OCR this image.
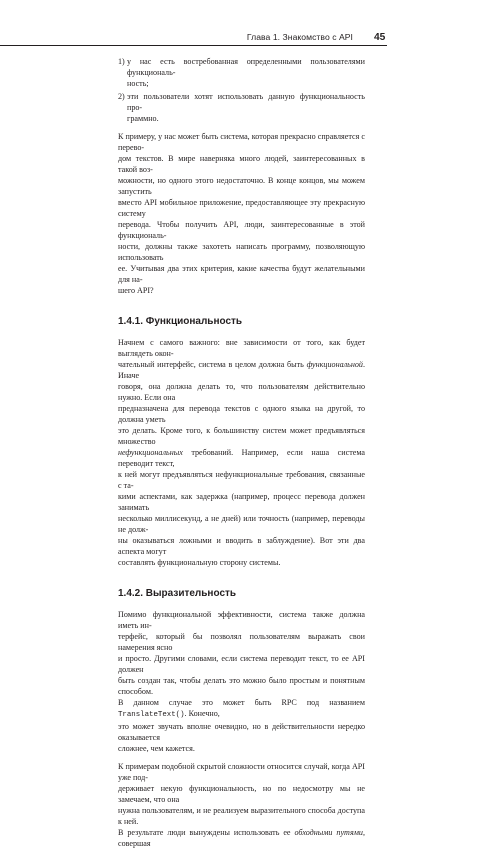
Глава 1. Знакомство с API 45
1) у нас есть востребованная определенными пользователями функциональ-
ность;

2) эти пользователи хотят использовать данную функциональность про-
граммно.

К примеру, у нас может быть система, которая прекрасно справляется с перево-
дом текстов. В мире наверняка много людей, заинтересованных в такой воз-
можности, но одного этого недостаточно. В конце концов, мы можем запустить
вместо API мобильное приложение, предоставляющее эту прекрасную систему
перевода. Чтобы получить API, люди, заинтересованные в этой функциональ-
ности, должны также захотеть написать программу, позволяющую использовать
ее. Учитывая два этих критерия, какие качества будут желательными для на-
шего API?

1.4.1. Функциональность

Начнем с самого важного: вне зависимости от того, как будет выглядеть окон-
чательный интерфейс, система в целом должна быть функциональной. Иначе
говоря, она должна делать то, что пользователям действительно нужно. Если она
предназначена для перевода текстов с одного языка на другой, то должна уметь
это делать. Кроме того, к большинству систем может предъявляться множество
нефункциональных требований. Например, если наша система переводит текст,
к ней могут предъявляться нефункциональные требования, связанные с та-
кими аспектами, как задержка (например, процесс перевода должен занимать
несколько миллисекунд, а не дней) или точность (например, переводы не долж-
ны оказываться ложными и вводить в заблуждение). Вот эти два аспекта могут
составлять функциональную сторону системы.

1.4.2. Выразительность

Помимо функциональной эффективности, система также должна иметь ин-
терфейс, который бы позволял пользователям выражать свои намерения ясно
и просто. Другими словами, если система переводит текст, то ее API должен
быть создан так, чтобы делать это можно было простым и понятным способом.
В данном случае это может быть RPC под названием TranslateText(). Конечно,
это может звучать вполне очевидно, но в действительности нередко оказывается
сложнее, чем кажется.

К примерам подобной скрытой сложности относится случай, когда API уже под-
держивает некую функциональность, но по недосмотру мы не замечаем, что она
нужна пользователям, и не реализуем выразительного способа доступа к ней.
В результате люди вынуждены использовать ее обходными путями, совершая
